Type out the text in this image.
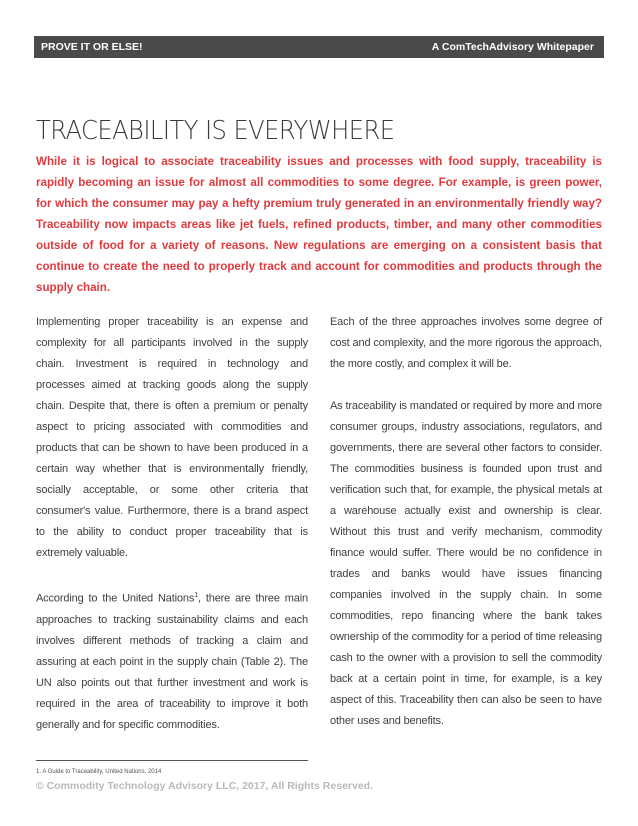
PROVE IT OR ELSE!	A ComTechAdvisory Whitepaper
TRACEABILITY IS EVERYWHERE

While it is logical to associate traceability issues and processes with food supply, traceability is rapidly becoming an issue for almost all commodities to some degree. For example, is green power, for which the consumer may pay a hefty premium truly generated in an environmentally friendly way? Traceability now impacts areas like jet fuels, refined products, timber, and many other commodities outside of food for a variety of reasons. New regulations are emerging on a consistent basis that continue to create the need to properly track and account for commodities and products through the supply chain.

Implementing proper traceability is an expense and complexity for all participants involved in the supply chain. Investment is required in technology and processes aimed at tracking goods along the supply chain. Despite that, there is often a premium or penalty aspect to pricing associated with commodities and products that can be shown to have been produced in a certain way whether that is environmentally friendly, socially acceptable, or some other criteria that consumer's value. Furthermore, there is a brand aspect to the ability to conduct proper traceability that is extremely valuable.

According to the United Nations$^1$, there are three main approaches to tracking sustainability claims and each involves different methods of tracking a claim and assuring at each point in the supply chain (Table 2). The UN also points out that further investment and work is required in the area of traceability to improve it both generally and for specific commodities.

Each of the three approaches involves some degree of cost and complexity, and the more rigorous the approach, the more costly, and complex it will be.

As traceability is mandated or required by more and more consumer groups, industry associations, regulators, and governments, there are several other factors to consider. The commodities business is founded upon trust and verification such that, for example, the physical metals at a warehouse actually exist and ownership is clear. Without this trust and verify mechanism, commodity finance would suffer. There would be no confidence in trades and banks would have issues financing companies involved in the supply chain. In some commodities, repo financing where the bank takes ownership of the commodity for a period of time releasing cash to the owner with a provision to sell the commodity back at a certain point in time, for example, is a key aspect of this. Traceability then can also be seen to have other uses and benefits.

1. A Guide to Traceability, United Nations, 2014
© Commodity Technology Advisory LLC, 2017, All Rights Reserved.
